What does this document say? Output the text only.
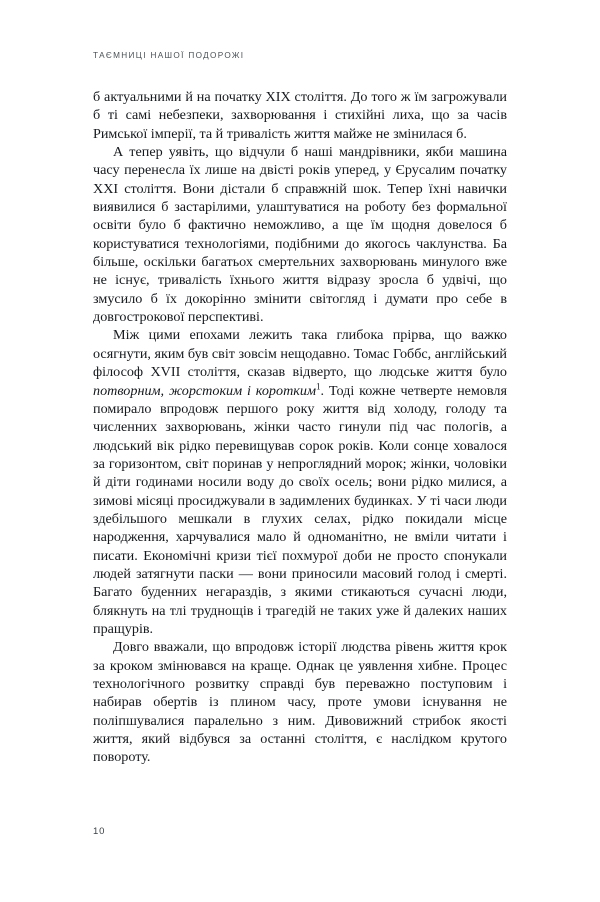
ТАЄМНИЦІ НАШОЇ ПОДОРОЖІ

б актуальними й на початку XIX століття. До того ж їм загрожували б ті самі небезпеки, захворювання і стихійні лиха, що за часів Римської імперії, та й тривалість життя майже не змінилася б.

А тепер уявіть, що відчули б наші мандрівники, якби машина часу перенесла їх лише на двісті років уперед, у Єрусалим початку XXI століття. Вони дістали б справжній шок. Тепер їхні навички виявилися б застарілими, улаштуватися на роботу без формальної освіти було б фактично неможливо, а ще їм щодня довелося б користуватися технологіями, подібними до якогось чаклунства. Ба більше, оскільки багатьох смертельних захворювань минулого вже не існує, тривалість їхнього життя відразу зросла б удвічі, що змусило б їх докорінно змінити світогляд і думати про себе в довгострокової перспективі.

Між цими епохами лежить така глибока прірва, що важко осягнути, яким був світ зовсім нещодавно. Томас Гоббс, англійський філософ XVII століття, сказав відверто, що людське життя було потворним, жорстоким і коротким$^1$. Тоді кожне четверте немовля помирало впродовж першого року життя від холоду, голоду та численних захворювань, жінки часто гинули під час пологів, а людський вік рідко перевищував сорок років. Коли сонце ховалося за горизонтом, світ поринав у непроглядний морок; жінки, чоловіки й діти годинами носили воду до своїх осель; вони рідко милися, а зимові місяці просиджували в задимлених будинках. У ті часи люди здебільшого мешкали в глухих селах, рідко покидали місце народження, харчувалися мало й одноманітно, не вміли читати і писати. Економічні кризи тієї похмурої доби не просто спонукали людей затягнути паски — вони приносили масовий голод і смерті. Багато буденних негараздів, з якими стикаються сучасні люди, блякнуть на тлі труднощів і трагедій не таких уже й далеких наших пращурів.

Довго вважали, що впродовж історії людства рівень життя крок за кроком змінювався на краще. Однак це уявлення хибне. Процес технологічного розвитку справді був переважно поступовим і набирав обертів із плином часу, проте умови існування не поліпшувалися паралельно з ним. Дивовижний стрибок якості життя, який відбувся за останні століття, є наслідком крутого повороту.

10
